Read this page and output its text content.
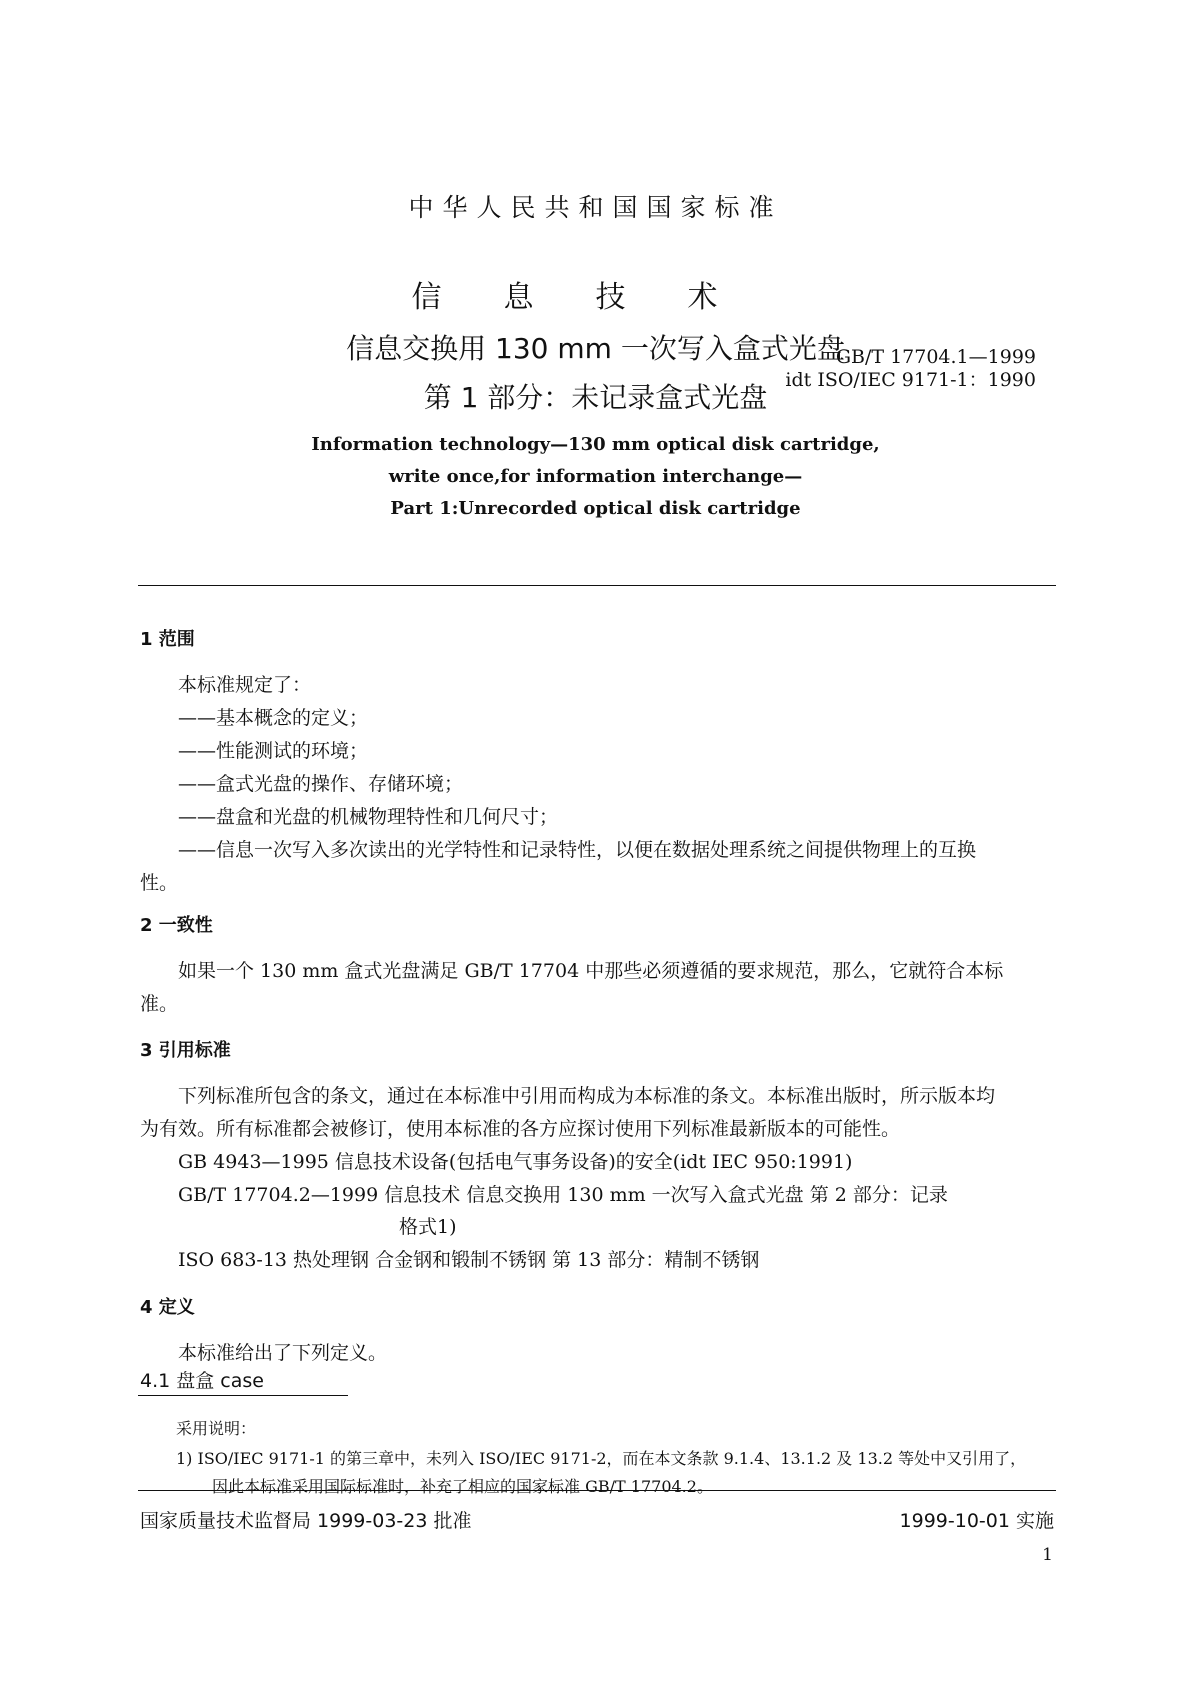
中华人民共和国国家标准
信息技术
信息交换用 130 mm 一次写入盒式光盘
第 1 部分：未记录盒式光盘
GB/T 17704.1—1999
idt ISO/IEC 9171-1：1990
Information technology—130 mm optical disk cartridge,
write once,for information interchange—
Part 1:Unrecorded optical disk cartridge
1 范围
本标准规定了：
——基本概念的定义；
——性能测试的环境；
——盒式光盘的操作、存储环境；
——盘盒和光盘的机械物理特性和几何尺寸；
——信息一次写入多次读出的光学特性和记录特性，以便在数据处理系统之间提供物理上的互换
性。
2 一致性
如果一个 130 mm 盒式光盘满足 GB/T 17704 中那些必须遵循的要求规范，那么，它就符合本标
准。
3 引用标准
下列标准所包含的条文，通过在本标准中引用而构成为本标准的条文。本标准出版时，所示版本均
为有效。所有标准都会被修订，使用本标准的各方应探讨使用下列标准最新版本的可能性。
GB 4943—1995 信息技术设备(包括电气事务设备)的安全(idt IEC 950:1991)
GB/T 17704.2—1999 信息技术 信息交换用 130 mm 一次写入盒式光盘 第 2 部分：记录
格式1)
ISO 683-13 热处理钢 合金钢和锻制不锈钢 第 13 部分：精制不锈钢
4 定义
本标准给出了下列定义。
4.1 盘盒 case
采用说明：
1) ISO/IEC 9171-1 的第三章中，未列入 ISO/IEC 9171-2，而在本文条款 9.1.4、13.1.2 及 13.2 等处中又引用了，
因此本标准采用国际标准时，补充了相应的国家标准 GB/T 17704.2。
国家质量技术监督局 1999-03-23 批准	1999-10-01 实施
1
